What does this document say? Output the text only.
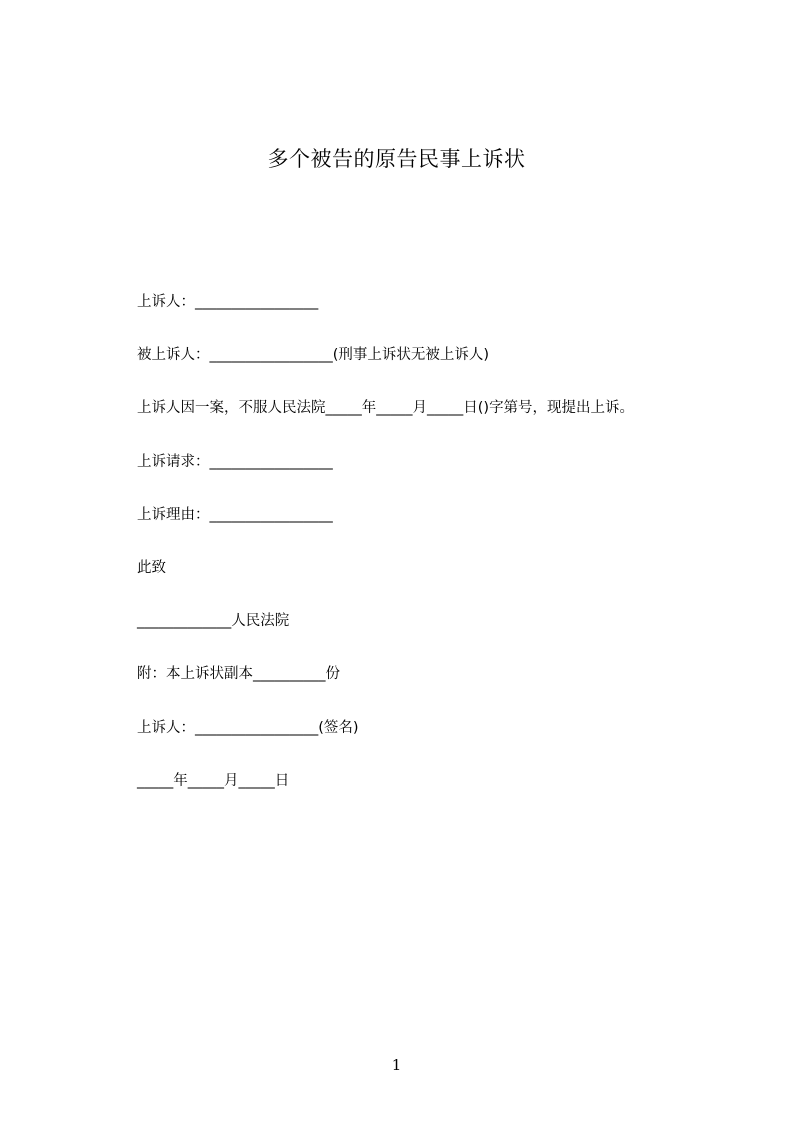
多个被告的原告民事上诉状
上诉人：_________________
被上诉人：_________________(刑事上诉状无被上诉人)
上诉人因一案，不服人民法院_____年_____月_____日()字第号，现提出上诉。
上诉请求：_________________
上诉理由：_________________
此致
_____________人民法院
附：本上诉状副本__________份
上诉人：_________________(签名)
_____年_____月_____日
1
